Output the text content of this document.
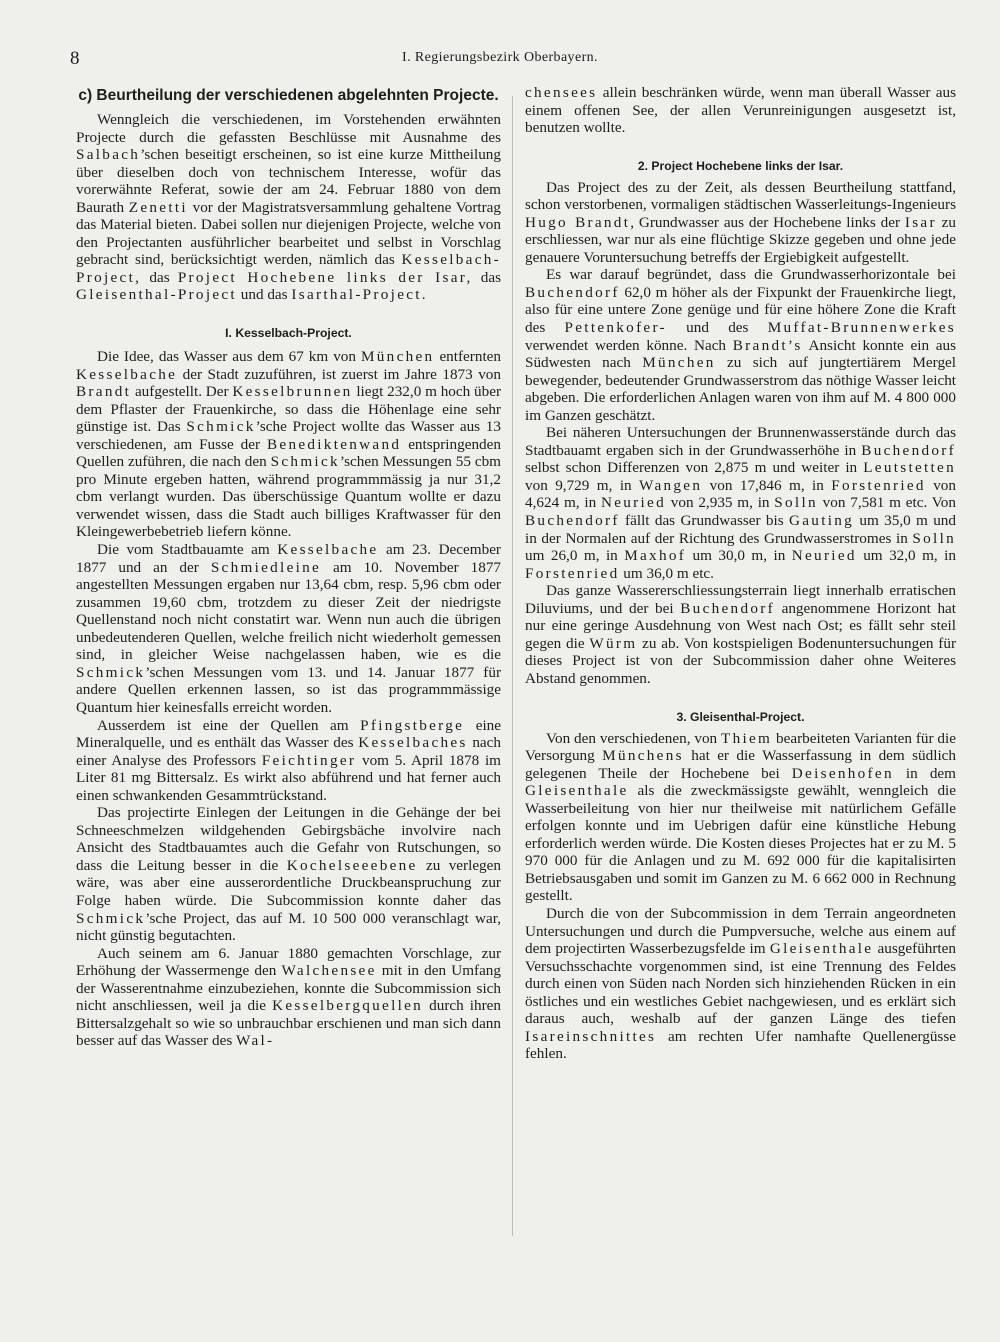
8	I. Regierungsbezirk Oberbayern.
c) Beurtheilung der verschiedenen abgelehnten Projecte.

Wenngleich die verschiedenen, im Vorstehenden erwähnten Projecte durch die gefassten Beschlüsse mit Ausnahme des Salbach’schen beseitigt erscheinen, so ist eine kurze Mittheilung über dieselben doch von technischem Interesse, wofür das vorerwähnte Referat, sowie der am 24. Februar 1880 von dem Baurath Zenetti vor der Magistratsversammlung gehaltene Vortrag das Material bieten. Dabei sollen nur diejenigen Projecte, welche von den Projectanten ausführlicher bearbeitet und selbst in Vorschlag gebracht sind, berücksichtigt werden, nämlich das Kesselbach-Project, das Project Hochebene links der Isar, das Gleisenthal-Project und das Isarthal-Project.

I. Kesselbach-Project.

Die Idee, das Wasser aus dem 67 km von München entfernten Kesselbache der Stadt zuzuführen, ist zuerst im Jahre 1873 von Brandt aufgestellt. Der Kesselbrunnen liegt 232,0 m hoch über dem Pflaster der Frauenkirche, so dass die Höhenlage eine sehr günstige ist. Das Schmick’sche Project wollte das Wasser aus 13 verschiedenen, am Fusse der Benediktenwand entspringenden Quellen zuführen, die nach den Schmick’schen Messungen 55 cbm pro Minute ergeben hatten, während programmmässig ja nur 31,2 cbm verlangt wurden. Das überschüssige Quantum wollte er dazu verwendet wissen, dass die Stadt auch billiges Kraftwasser für den Kleingewerbebetrieb liefern könne.

Die vom Stadtbauamte am Kesselbache am 23. December 1877 und an der Schmiedleine am 10. November 1877 angestellten Messungen ergaben nur 13,64 cbm, resp. 5,96 cbm oder zusammen 19,60 cbm, trotzdem zu dieser Zeit der niedrigste Quellenstand noch nicht constatirt war. Wenn nun auch die übrigen unbedeutenderen Quellen, welche freilich nicht wiederholt gemessen sind, in gleicher Weise nachgelassen haben, wie es die Schmick’schen Messungen vom 13. und 14. Januar 1877 für andere Quellen erkennen lassen, so ist das programmmässige Quantum hier keinesfalls erreicht worden.

Ausserdem ist eine der Quellen am Pfingstberge eine Mineralquelle, und es enthält das Wasser des Kesselbaches nach einer Analyse des Professors Feichtinger vom 5. April 1878 im Liter 81 mg Bittersalz. Es wirkt also abführend und hat ferner auch einen schwankenden Gesammtrückstand.

Das projectirte Einlegen der Leitungen in die Gehänge der bei Schneeschmelzen wildgehenden Gebirgsbäche involvire nach Ansicht des Stadtbauamtes auch die Gefahr von Rutschungen, so dass die Leitung besser in die Kochelseeebene zu verlegen wäre, was aber eine ausserordentliche Druckbeanspruchung zur Folge haben würde. Die Subcommission konnte daher das Schmick’sche Project, das auf M. 10 500 000 veranschlagt war, nicht günstig begutachten.

Auch seinem am 6. Januar 1880 gemachten Vorschlage, zur Erhöhung der Wassermenge den Walchensee mit in den Umfang der Wasserentnahme einzubeziehen, konnte die Subcommission sich nicht anschliessen, weil ja die Kesselbergquellen durch ihren Bittersalzgehalt so wie so unbrauchbar erschienen und man sich dann besser auf das Wasser des Wal-

chensees allein beschränken würde, wenn man überall Wasser aus einem offenen See, der allen Verunreinigungen ausgesetzt ist, benutzen wollte.

2. Project Hochebene links der Isar.

Das Project des zu der Zeit, als dessen Beurtheilung stattfand, schon verstorbenen, vormaligen städtischen Wasserleitungs-Ingenieurs Hugo Brandt, Grundwasser aus der Hochebene links der Isar zu erschliessen, war nur als eine flüchtige Skizze gegeben und ohne jede genauere Voruntersuchung betreffs der Ergiebigkeit aufgestellt.

Es war darauf begründet, dass die Grundwasserhorizontale bei Buchendorf 62,0 m höher als der Fixpunkt der Frauenkirche liegt, also für eine untere Zone genüge und für eine höhere Zone die Kraft des Pettenkofer- und des Muffat-Brunnenwerkes verwendet werden könne. Nach Brandt’s Ansicht konnte ein aus Südwesten nach München zu sich auf jungtertiärem Mergel bewegender, bedeutender Grundwasserstrom das nöthige Wasser leicht abgeben. Die erforderlichen Anlagen waren von ihm auf M. 4 800 000 im Ganzen geschätzt.

Bei näheren Untersuchungen der Brunnenwasserstände durch das Stadtbauamt ergaben sich in der Grundwasserhöhe in Buchendorf selbst schon Differenzen von 2,875 m und weiter in Leutstetten von 9,729 m, in Wangen von 17,846 m, in Forstenried von 4,624 m, in Neuried von 2,935 m, in Solln von 7,581 m etc. Von Buchendorf fällt das Grundwasser bis Gauting um 35,0 m und in der Normalen auf der Richtung des Grundwasserstromes in Solln um 26,0 m, in Maxhof um 30,0 m, in Neuried um 32,0 m, in Forstenried um 36,0 m etc.

Das ganze Wassererschliessungsterrain liegt innerhalb erratischen Diluviums, und der bei Buchendorf angenommene Horizont hat nur eine geringe Ausdehnung von West nach Ost; es fällt sehr steil gegen die Würm zu ab. Von kostspieligen Bodenuntersuchungen für dieses Project ist von der Subcommission daher ohne Weiteres Abstand genommen.

3. Gleisenthal-Project.

Von den verschiedenen, von Thiem bearbeiteten Varianten für die Versorgung Münchens hat er die Wasserfassung in dem südlich gelegenen Theile der Hochebene bei Deisenhofen in dem Gleisenthale als die zweckmässigste gewählt, wenngleich die Wasserbeileitung von hier nur theilweise mit natürlichem Gefälle erfolgen konnte und im Uebrigen dafür eine künstliche Hebung erforderlich werden würde. Die Kosten dieses Projectes hat er zu M. 5 970 000 für die Anlagen und zu M. 692 000 für die kapitalisirten Betriebsausgaben und somit im Ganzen zu M. 6 662 000 in Rechnung gestellt.

Durch die von der Subcommission in dem Terrain angeordneten Untersuchungen und durch die Pumpversuche, welche aus einem auf dem projectirten Wasserbezugsfelde im Gleisenthale ausgeführten Versuchsschachte vorgenommen sind, ist eine Trennung des Feldes durch einen von Süden nach Norden sich hinziehenden Rücken in ein östliches und ein westliches Gebiet nachgewiesen, und es erklärt sich daraus auch, weshalb auf der ganzen Länge des tiefen Isareinschnittes am rechten Ufer namhafte Quellenergüsse fehlen.
